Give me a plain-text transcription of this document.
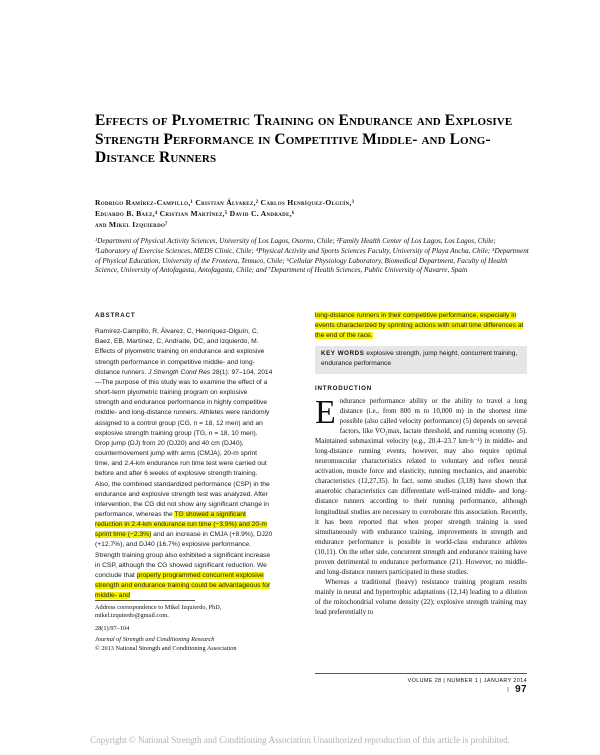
Effects of Plyometric Training on Endurance and Explosive Strength Performance in Competitive Middle- and Long-Distance Runners
Rodrigo Ramírez-Campillo,¹ Cristian Álvarez,² Carlos Henríquez-Olguín,³
Eduardo B. Baez,⁴ Cristian Martínez,⁵ David C. Andrade,⁶
and Mikel Izquierdo⁷
¹Department of Physical Activity Sciences, University of Los Lagos, Osorno, Chile; ²Family Health Center of Los Lagos, Los Lagos, Chile; ³Laboratory of Exercise Sciences, MEDS Clinic, Chile; ⁴Physical Activity and Sports Sciences Faculty, University of Playa Ancha, Chile; ⁵Department of Physical Education, University of the Frontera, Temuco, Chile; ⁶Cellular Physiology Laboratory, Biomedical Department, Faculty of Health Science, University of Antofagasta, Antofagasta, Chile; and ⁷Department of Health Sciences, Public University of Navarre, Spain
ABSTRACT

Ramírez-Campillo, R, Álvarez, C, Henríquez-Olguín, C, Baez, EB, Martínez, C, Andrade, DC, and Izquierdo, M. Effects of plyometric training on endurance and explosive strength performance in competitive middle- and long-distance runners. J Strength Cond Res 28(1): 97–104, 2014—The purpose of this study was to examine the effect of a short-term plyometric training program on explosive strength and endurance performance in highly competitive middle- and long-distance runners. Athletes were randomly assigned to a control group (CG, n = 18, 12 men) and an explosive strength training group (TG, n = 18, 10 men). Drop jump (DJ) from 20 (DJ20) and 40 cm (DJ40), countermovement jump with arms (CMJA), 20-m sprint time, and 2.4-km endurance run time test were carried out before and after 6 weeks of explosive strength training. Also, the combined standardized performance (CSP) in the endurance and explosive strength test was analyzed. After intervention, the CG did not show any significant change in performance, whereas the TG showed a significant reduction in 2.4-km endurance run time (−3.9%) and 20-m sprint time (−2.3%) and an increase in CMJA (+8.9%), DJ20 (+12.7%), and DJ40 (16.7%) explosive performance. Strength training group also exhibited a significant increase in CSP, although the CG showed significant reduction. We conclude that properly programmed concurrent explosive strength and endurance training could be advantageous for middle- and

long-distance runners in their competitive performance, especially in events characterized by sprinting actions with small time differences at the end of the race.

KEY WORDS explosive strength, jump height, concurrent training, endurance performance
INTRODUCTION
E ndurance performance ability or the ability to travel a long distance (i.e., from 800 m to 10,000 m) in the shortest time possible (also called velocity performance) (5) depends on several factors, like V̇O₂max, lactate threshold, and running economy (5). Maintained submaximal velocity (e.g., 20.4–23.7 km·h⁻¹) in middle- and long-distance running events, however, may also require optimal neuromuscular characteristics related to voluntary and reflex neural activation, muscle force and elasticity, running mechanics, and anaerobic characteristics (12,27,35). In fact, some studies (3,18) have shown that anaerobic characteristics can differentiate well-trained middle- and long-distance runners according to their running performance, although longitudinal studies are necessary to corroborate this association. Recently, it has been reported that when proper strength training is used simultaneously with endurance training, improvements in strength and endurance performance is possible in world-class endurance athletes (10,11). On the other side, concurrent strength and endurance training have proven detrimental to endurance performance (21). However, no middle- and long-distance runners participated in these studies.

Whereas a traditional (heavy) resistance training program results mainly in neural and hypertrophic adaptations (12,14) leading to a dilution of the mitochondrial volume density (22); explosive strength training may lead preferentially to

Address correspondence to Mikel Izquierdo, PhD, mikel.izquierdo@gmail.com.

28(1)/97–104

Journal of Strength and Conditioning Research

© 2013 National Strength and Conditioning Association

VOLUME 28 | NUMBER 1 | JANUARY 2014 | 97
Copyright © National Strength and Conditioning Association Unauthorized reproduction of this article is prohibited.
